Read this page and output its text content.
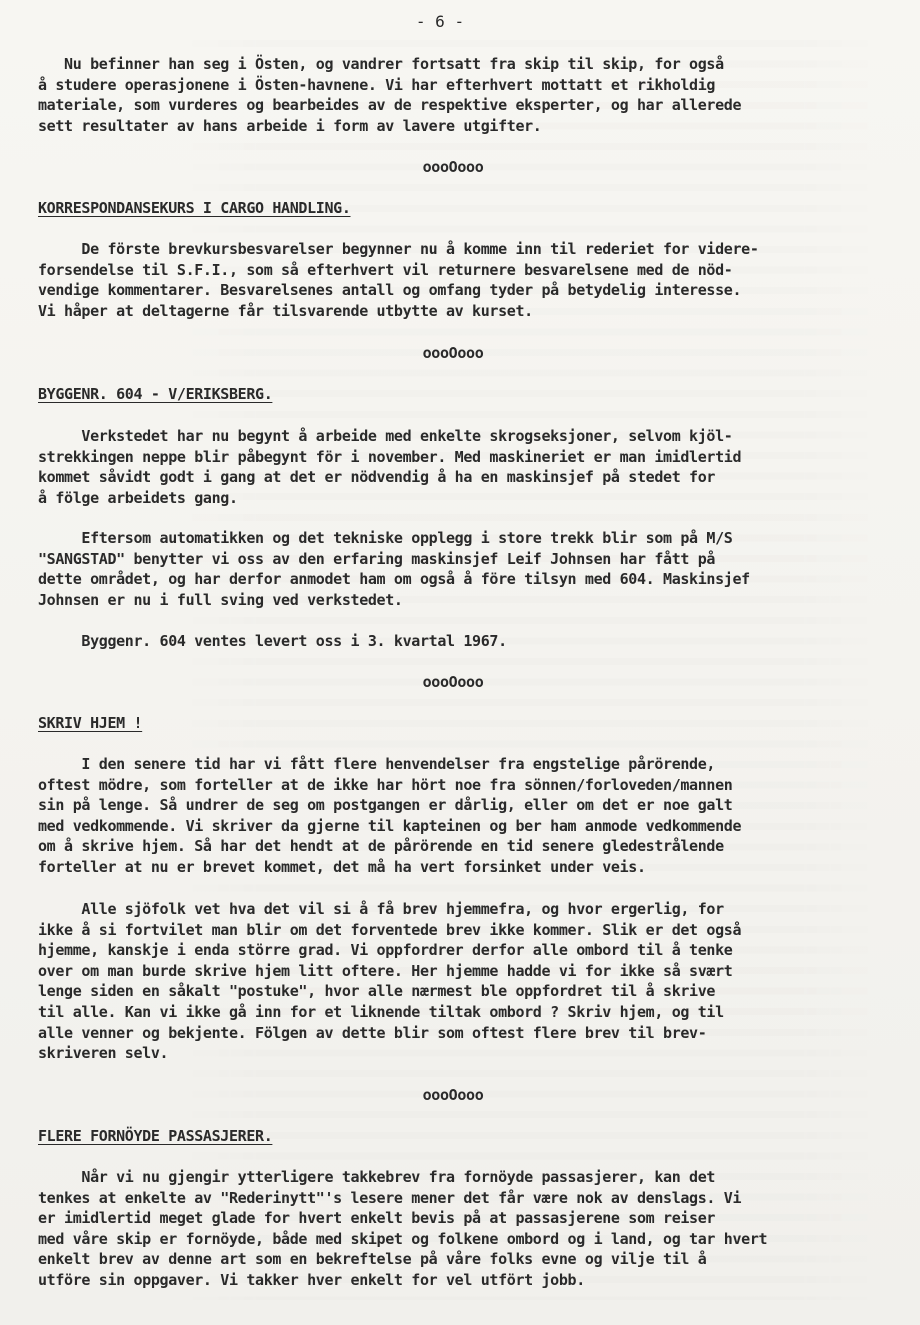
- 6 -

Nu befinner han seg i Östen, og vandrer fortsatt fra skip til skip, for også

å studere operasjonene i Östen-havnene. Vi har efterhvert mottatt et rikholdig

materiale, som vurderes og bearbeides av de respektive eksperter, og har allerede

sett resultater av hans arbeide i form av lavere utgifter.

oooOooo
KORRESPONDANSEKURS I CARGO HANDLING.

De förste brevkursbesvarelser begynner nu å komme inn til rederiet for videre-

forsendelse til S.F.I., som så efterhvert vil returnere besvarelsene med de nöd-

vendige kommentarer. Besvarelsenes antall og omfang tyder på betydelig interesse.

Vi håper at deltagerne får tilsvarende utbytte av kurset.

oooOooo
BYGGENR. 604 - V/ERIKSBERG.

Verkstedet har nu begynt å arbeide med enkelte skrogseksjoner, selvom kjöl-

strekkingen neppe blir påbegynt för i november. Med maskineriet er man imidlertid

kommet såvidt godt i gang at det er nödvendig å ha en maskinsjef på stedet for

å fölge arbeidets gang.

Eftersom automatikken og det tekniske opplegg i store trekk blir som på M/S

"SANGSTAD" benytter vi oss av den erfaring maskinsjef Leif Johnsen har fått på

dette området, og har derfor anmodet ham om også å före tilsyn med 604. Maskinsjef

Johnsen er nu i full sving ved verkstedet.

Byggenr. 604 ventes levert oss i 3. kvartal 1967.

oooOooo
SKRIV HJEM !

I den senere tid har vi fått flere henvendelser fra engstelige pårörende,

oftest mödre, som forteller at de ikke har hört noe fra sönnen/forloveden/mannen

sin på lenge. Så undrer de seg om postgangen er dårlig, eller om det er noe galt

med vedkommende. Vi skriver da gjerne til kapteinen og ber ham anmode vedkommende

om å skrive hjem. Så har det hendt at de pårörende en tid senere gledestrålende

forteller at nu er brevet kommet, det må ha vert forsinket under veis.

Alle sjöfolk vet hva det vil si å få brev hjemmefra, og hvor ergerlig, for

ikke å si fortvilet man blir om det forventede brev ikke kommer. Slik er det også

hjemme, kanskje i enda större grad. Vi oppfordrer derfor alle ombord til å tenke

over om man burde skrive hjem litt oftere. Her hjemme hadde vi for ikke så svært

lenge siden en såkalt "postuke", hvor alle nærmest ble oppfordret til å skrive

til alle. Kan vi ikke gå inn for et liknende tiltak ombord ? Skriv hjem, og til

alle venner og bekjente. Fölgen av dette blir som oftest flere brev til brev-

skriveren selv.

oooOooo
FLERE FORNÖYDE PASSASJERER.

Når vi nu gjengir ytterligere takkebrev fra fornöyde passasjerer, kan det

tenkes at enkelte av "Rederinytt"'s lesere mener det får være nok av denslags. Vi

er imidlertid meget glade for hvert enkelt bevis på at passasjerene som reiser

med våre skip er fornöyde, både med skipet og folkene ombord og i land, og tar hvert

enkelt brev av denne art som en bekreftelse på våre folks evne og vilje til å

utföre sin oppgaver. Vi takker hver enkelt for vel utfört jobb.
